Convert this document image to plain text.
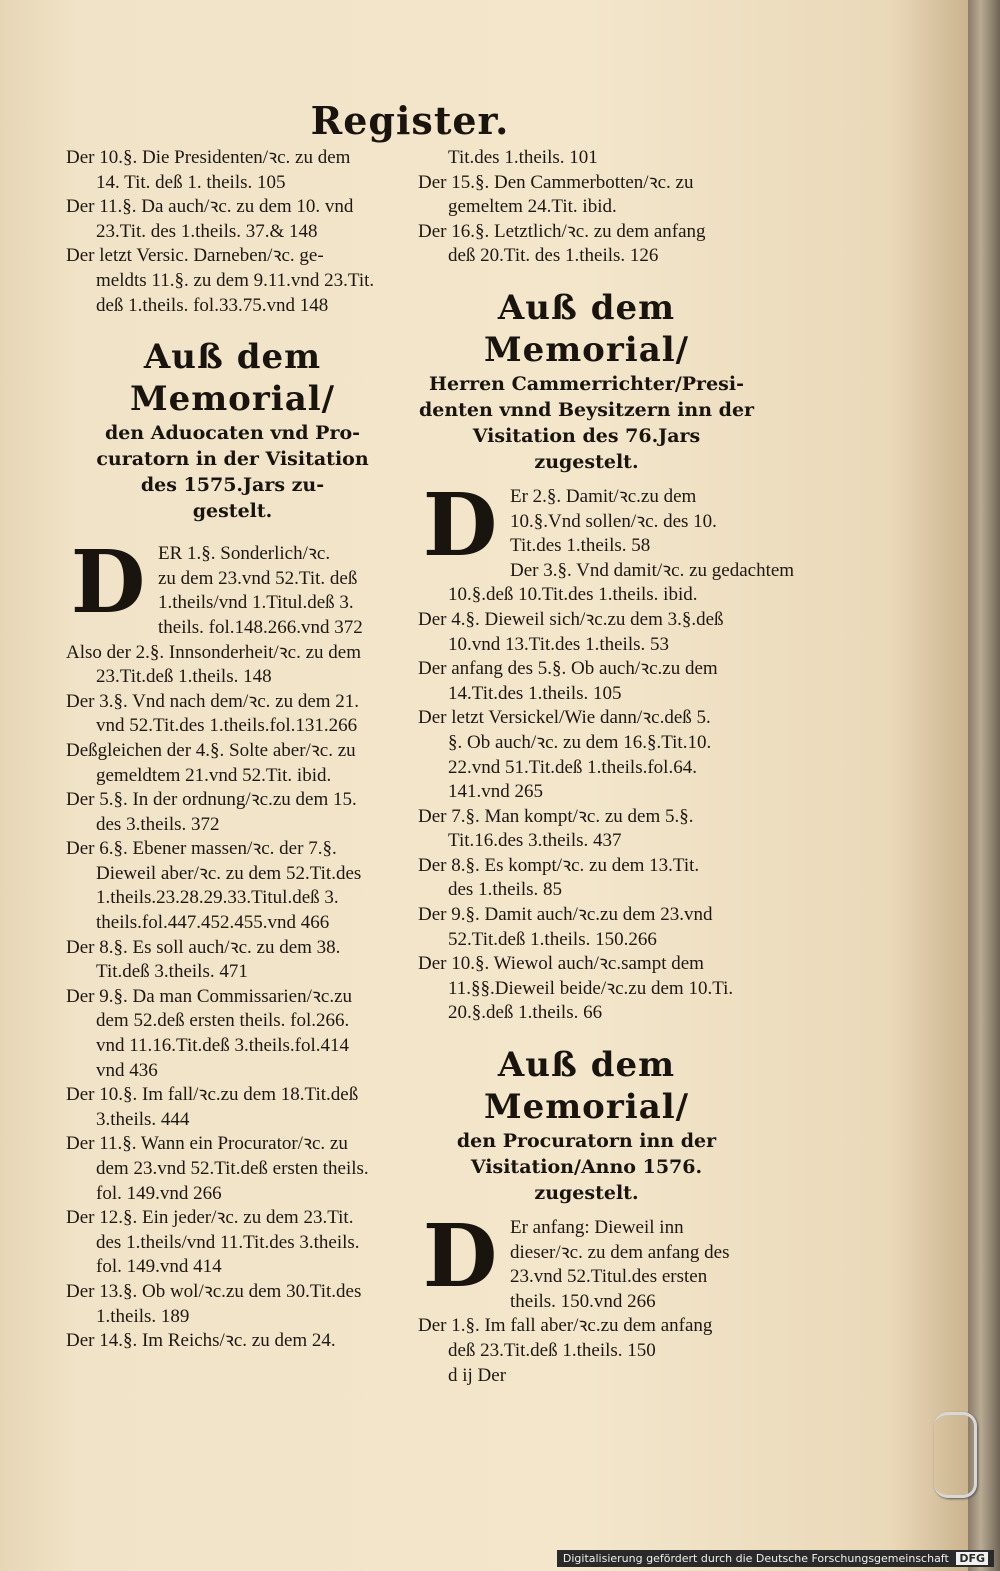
Register.
Der 10.§. Die Presidenten/ꝛc. zu dem
14. Tit. deß 1. theils. 105
Der 11.§. Da auch/ꝛc. zu dem 10. vnd
23.Tit. des 1.theils. 37.& 148
Der letzt Versic. Darneben/ꝛc. ge-
meldts 11.§. zu dem 9.11.vnd 23.Tit.
deß 1.theils. fol.33.75.vnd 148
Auß dem Memorial/
den Aduocaten vnd Pro-
curatorn in der Visitation
des 1575.Jars zu-
gestelt.
D ER 1.§. Sonderlich/ꝛc.
zu dem 23.vnd 52.Tit. deß
1.theils/vnd 1.Titul.deß 3.
theils. fol.148.266.vnd 372
Also der 2.§. Innsonderheit/ꝛc. zu dem
23.Tit.deß 1.theils. 148
Der 3.§. Vnd nach dem/ꝛc. zu dem 21.
vnd 52.Tit.des 1.theils.fol.131.266
Deßgleichen der 4.§. Solte aber/ꝛc. zu
gemeldtem 21.vnd 52.Tit. ibid.
Der 5.§. In der ordnung/ꝛc.zu dem 15.
des 3.theils. 372
Der 6.§. Ebener massen/ꝛc. der 7.§.
Dieweil aber/ꝛc. zu dem 52.Tit.des
1.theils.23.28.29.33.Titul.deß 3.
theils.fol.447.452.455.vnd 466
Der 8.§. Es soll auch/ꝛc. zu dem 38.
Tit.deß 3.theils. 471
Der 9.§. Da man Commissarien/ꝛc.zu
dem 52.deß ersten theils. fol.266.
vnd 11.16.Tit.deß 3.theils.fol.414
vnd 436
Der 10.§. Im fall/ꝛc.zu dem 18.Tit.deß
3.theils. 444
Der 11.§. Wann ein Procurator/ꝛc. zu
dem 23.vnd 52.Tit.deß ersten theils.
fol. 149.vnd 266
Der 12.§. Ein jeder/ꝛc. zu dem 23.Tit.
des 1.theils/vnd 11.Tit.des 3.theils.
fol. 149.vnd 414
Der 13.§. Ob wol/ꝛc.zu dem 30.Tit.des
1.theils. 189
Der 14.§. Im Reichs/ꝛc. zu dem 24.
Tit.des 1.theils. 101
Der 15.§. Den Cammerbotten/ꝛc. zu
gemeltem 24.Tit. ibid.
Der 16.§. Letztlich/ꝛc. zu dem anfang
deß 20.Tit. des 1.theils. 126
Auß dem Memorial/
Herren Cammerrichter/Presi-
denten vnnd Beysitzern inn der
Visitation des 76.Jars
zugestelt.
D Er 2.§. Damit/ꝛc.zu dem
10.§.Vnd sollen/ꝛc. des 10.
Tit.des 1.theils. 58
Der 3.§. Vnd damit/ꝛc. zu gedachtem
10.§.deß 10.Tit.des 1.theils. ibid.
Der 4.§. Dieweil sich/ꝛc.zu dem 3.§.deß
10.vnd 13.Tit.des 1.theils. 53
Der anfang des 5.§. Ob auch/ꝛc.zu dem
14.Tit.des 1.theils. 105
Der letzt Versickel/Wie dann/ꝛc.deß 5.
§. Ob auch/ꝛc. zu dem 16.§.Tit.10.
22.vnd 51.Tit.deß 1.theils.fol.64.
141.vnd 265
Der 7.§. Man kompt/ꝛc. zu dem 5.§.
Tit.16.des 3.theils. 437
Der 8.§. Es kompt/ꝛc. zu dem 13.Tit.
des 1.theils. 85
Der 9.§. Damit auch/ꝛc.zu dem 23.vnd
52.Tit.deß 1.theils. 150.266
Der 10.§. Wiewol auch/ꝛc.sampt dem
11.§§.Dieweil beide/ꝛc.zu dem 10.Ti.
20.§.deß 1.theils. 66
Auß dem Memorial/
den Procuratorn inn der
Visitation/Anno 1576.
zugestelt.
D Er anfang: Dieweil inn
dieser/ꝛc. zu dem anfang des
23.vnd 52.Titul.des ersten
theils. 150.vnd 266
Der 1.§. Im fall aber/ꝛc.zu dem anfang
deß 23.Tit.deß 1.theils. 150
d ij Der
Digitalisierung gefördert durch die Deutsche Forschungsgemeinschaft DFG
